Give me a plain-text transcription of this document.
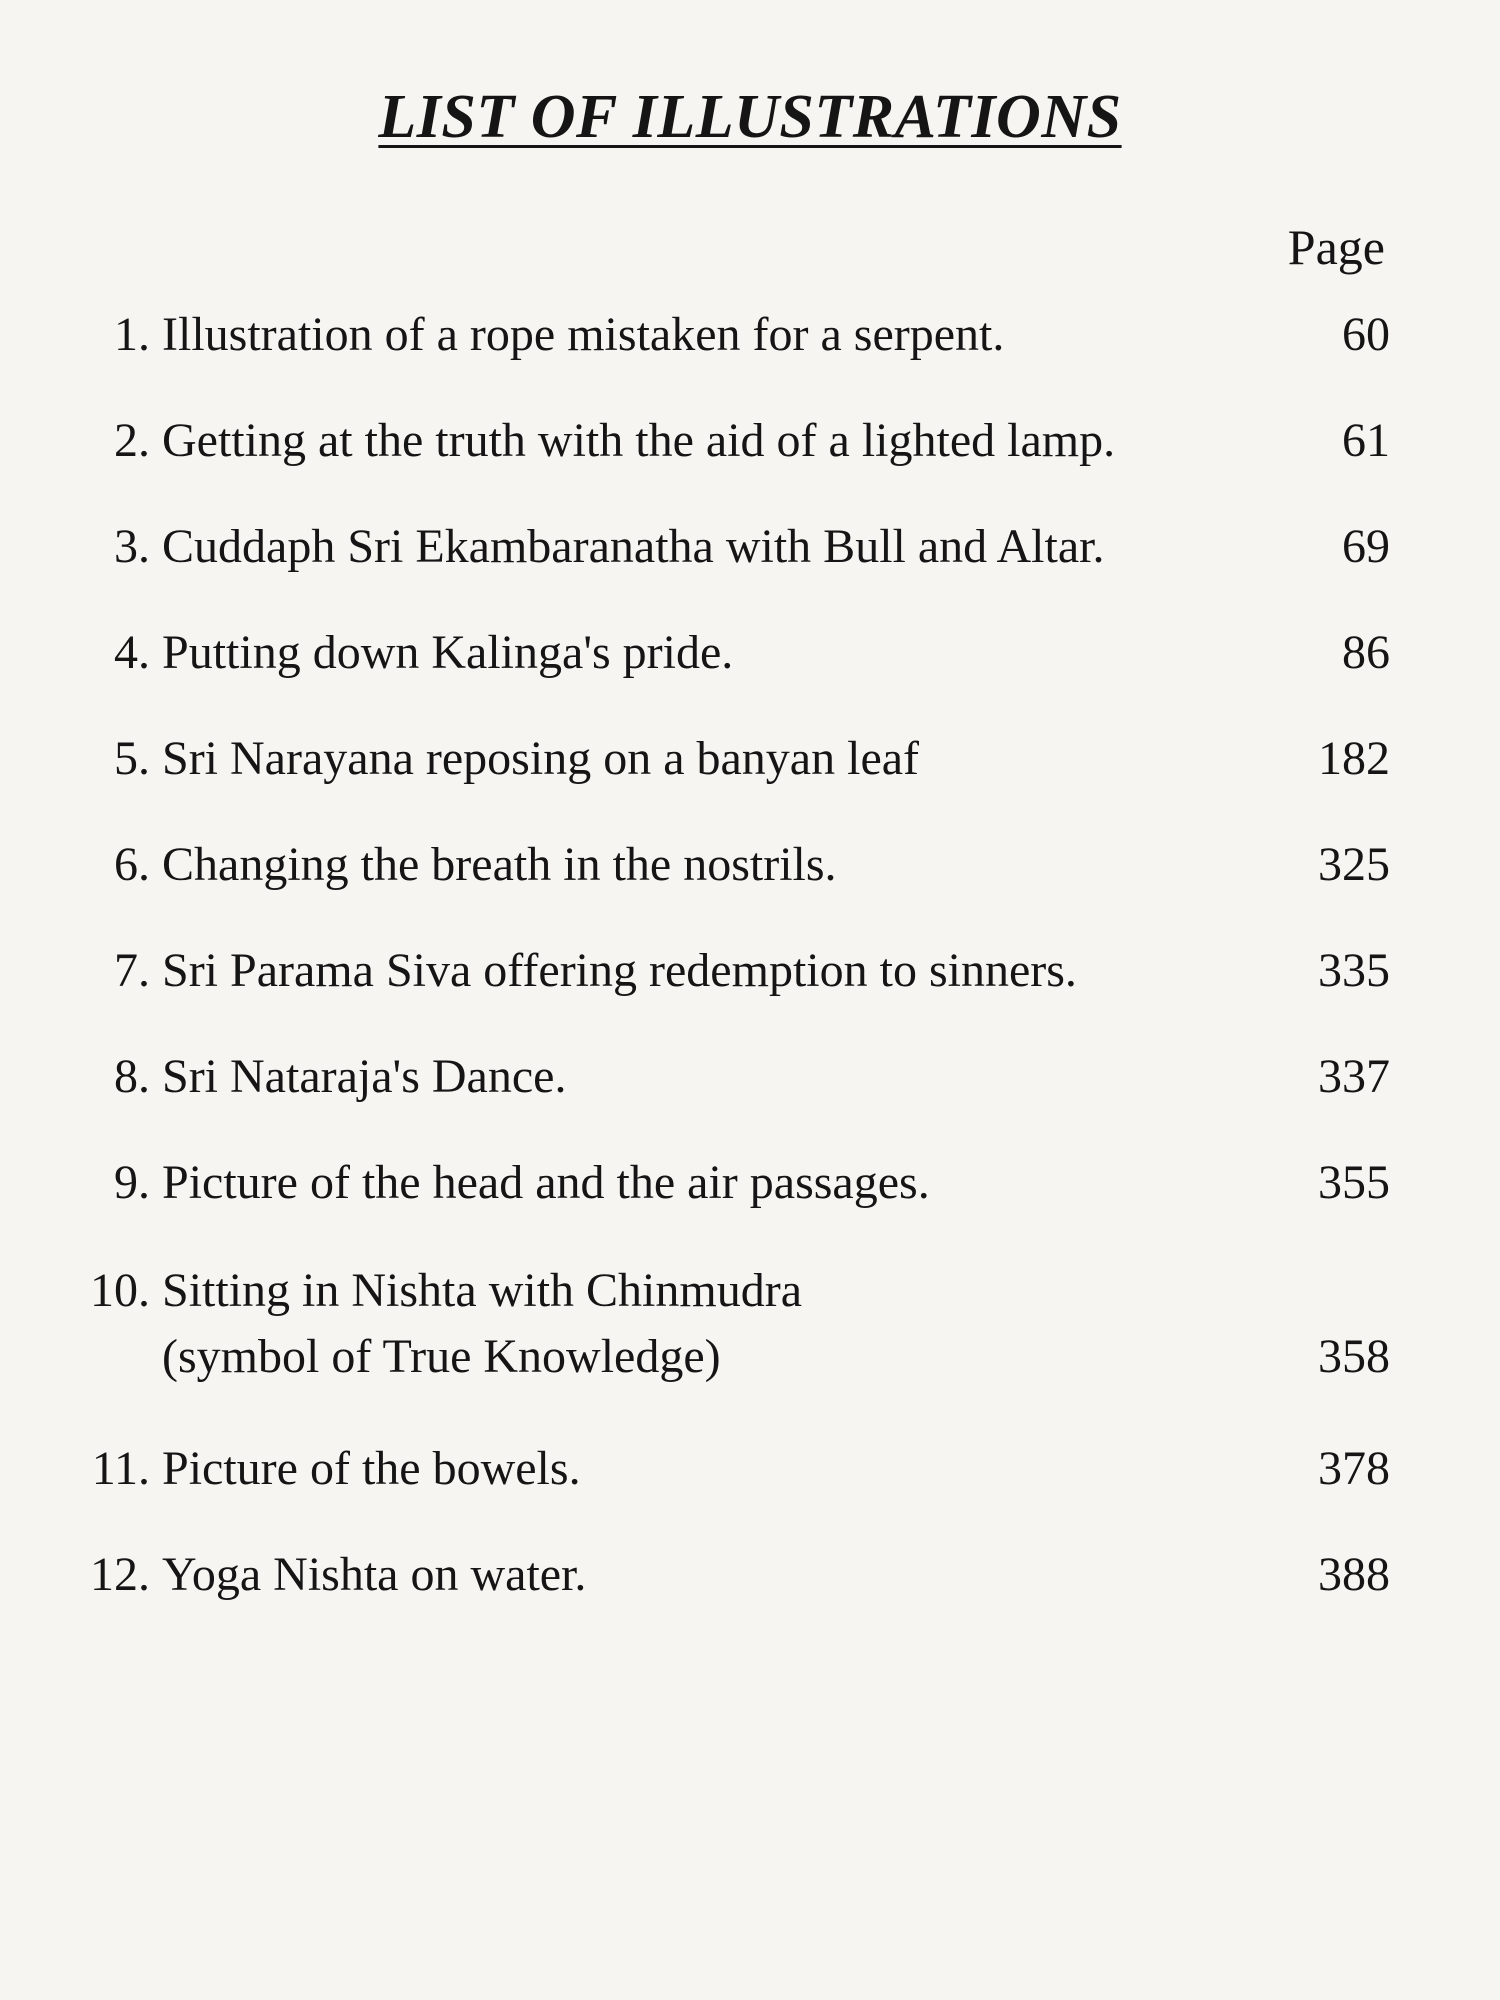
LIST OF ILLUSTRATIONS
Page
1. Illustration of a rope mistaken for a serpent.	60
2. Getting at the truth with the aid of a lighted lamp.	61
3. Cuddaph Sri Ekambaranatha with Bull and Altar.	69
4. Putting down Kalinga's pride.	86
5. Sri Narayana reposing on a banyan leaf	182
6. Changing the breath in the nostrils.	325
7. Sri Parama Siva offering redemption to sinners.	335
8. Sri Nataraja's Dance.	337
9. Picture of the head and the air passages.	355
10. Sitting in Nishta with Chinmudra
(symbol of True Knowledge)	358
11. Picture of the bowels.	378
12. Yoga Nishta on water.	388
